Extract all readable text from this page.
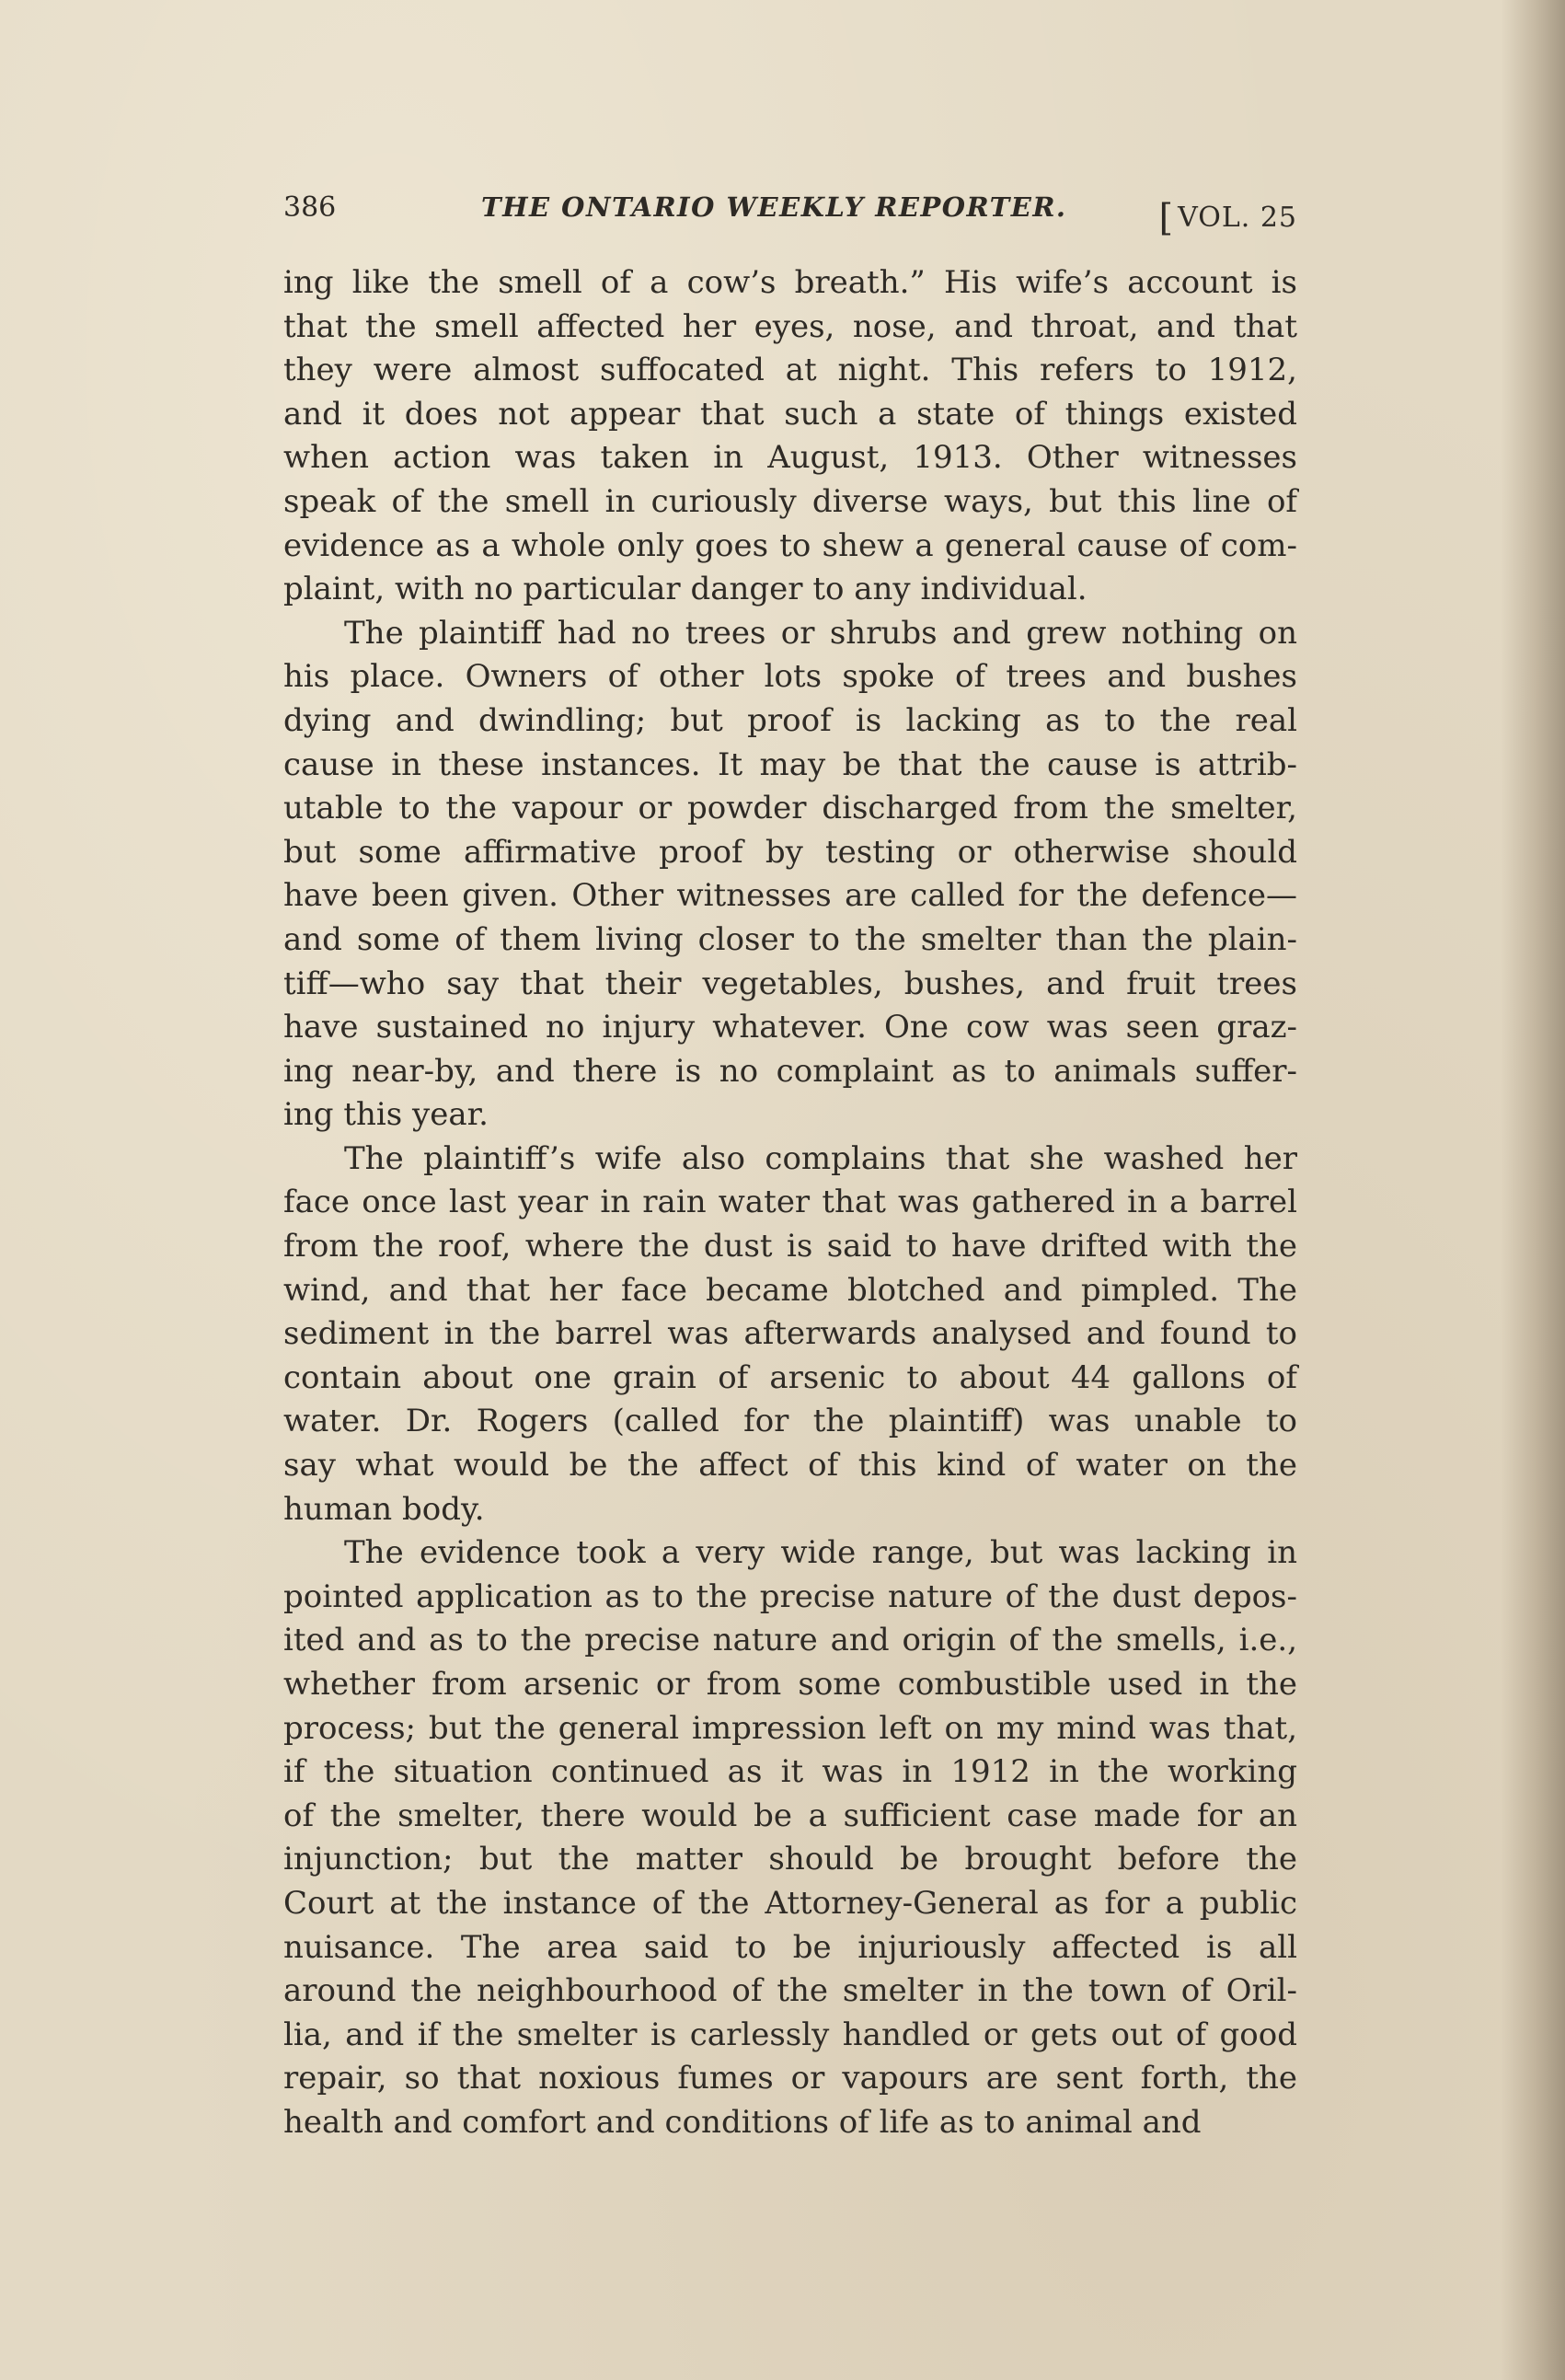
386	THE ONTARIO WEEKLY REPORTER. [ VOL. 25
ing like the smell of a cow’s breath.” His wife’s account is
that the smell affected her eyes, nose, and throat, and that
they were almost suffocated at night. This refers to 1912,
and it does not appear that such a state of things existed
when action was taken in August, 1913. Other witnesses
speak of the smell in curiously diverse ways, but this line of
evidence as a whole only goes to shew a general cause of com-
plaint, with no particular danger to any individual.
The plaintiff had no trees or shrubs and grew nothing on
his place. Owners of other lots spoke of trees and bushes
dying and dwindling; but proof is lacking as to the real
cause in these instances. It may be that the cause is attrib-
utable to the vapour or powder discharged from the smelter,
but some affirmative proof by testing or otherwise should
have been given. Other witnesses are called for the defence—
and some of them living closer to the smelter than the plain-
tiff—who say that their vegetables, bushes, and fruit trees
have sustained no injury whatever. One cow was seen graz-
ing near-by, and there is no complaint as to animals suffer-
ing this year.
The plaintiff’s wife also complains that she washed her
face once last year in rain water that was gathered in a barrel
from the roof, where the dust is said to have drifted with the
wind, and that her face became blotched and pimpled. The
sediment in the barrel was afterwards analysed and found to
contain about one grain of arsenic to about 44 gallons of
water. Dr. Rogers (called for the plaintiff) was unable to
say what would be the affect of this kind of water on the
human body.
The evidence took a very wide range, but was lacking in
pointed application as to the precise nature of the dust depos-
ited and as to the precise nature and origin of the smells, i.e.,
whether from arsenic or from some combustible used in the
process; but the general impression left on my mind was that,
if the situation continued as it was in 1912 in the working
of the smelter, there would be a sufficient case made for an
injunction; but the matter should be brought before the
Court at the instance of the Attorney-General as for a public
nuisance. The area said to be injuriously affected is all
around the neighbourhood of the smelter in the town of Oril-
lia, and if the smelter is carlessly handled or gets out of good
repair, so that noxious fumes or vapours are sent forth, the
health and comfort and conditions of life as to animal and
